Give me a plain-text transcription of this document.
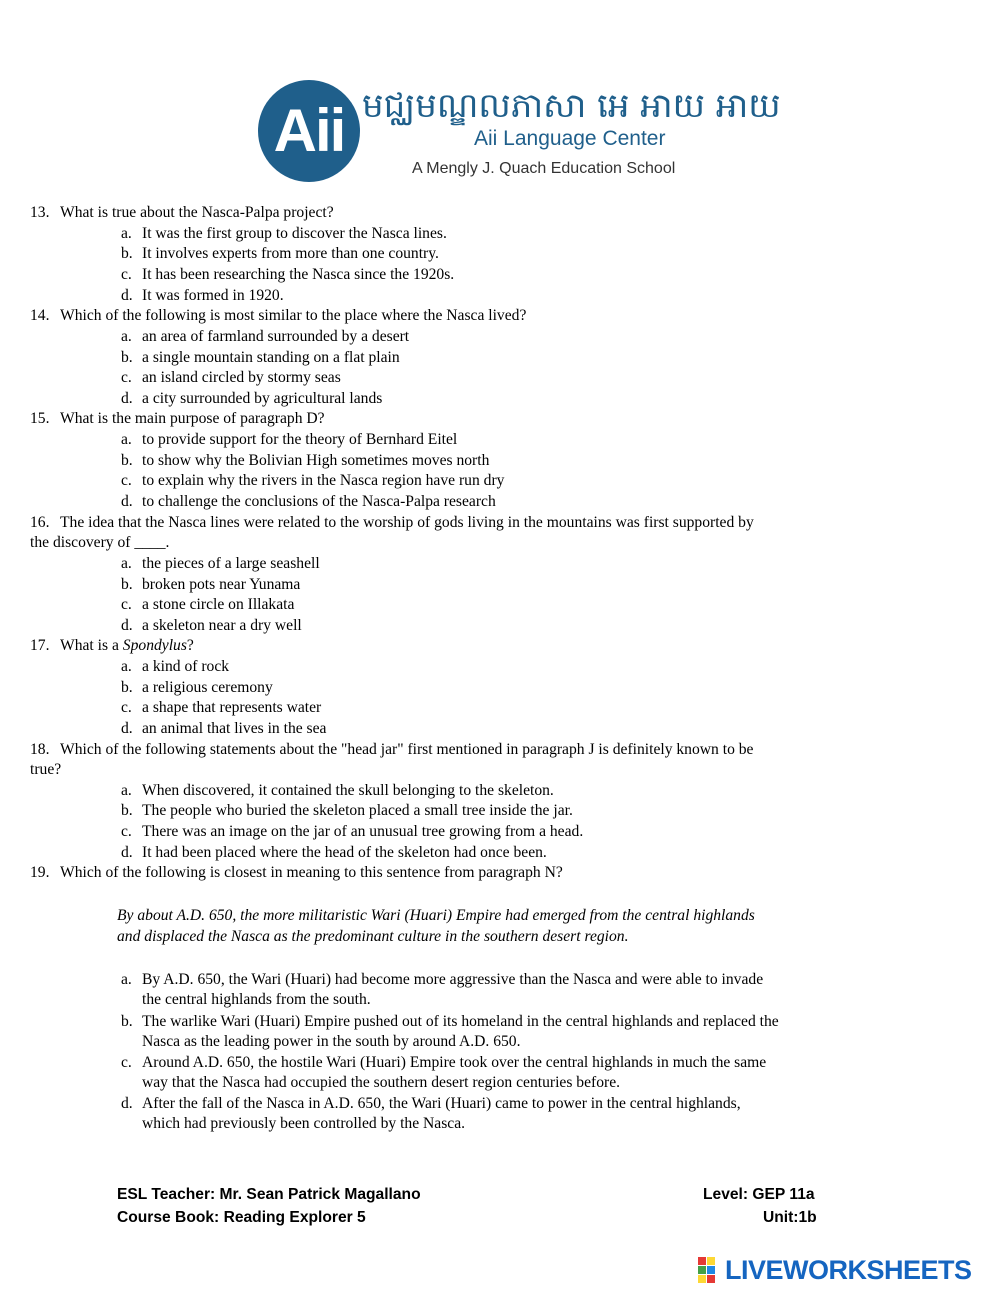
Aii មជ្ឈមណ្ឌលភាសា អេ អាយ អាយ
Aii Language Center
A Mengly J. Quach Education School
13. What is true about the Nasca-Palpa project?
a. It was the first group to discover the Nasca lines.
b. It involves experts from more than one country.
c. It has been researching the Nasca since the 1920s.
d. It was formed in 1920.
14. Which of the following is most similar to the place where the Nasca lived?
a. an area of farmland surrounded by a desert
b. a single mountain standing on a flat plain
c. an island circled by stormy seas
d. a city surrounded by agricultural lands
15. What is the main purpose of paragraph D?
a. to provide support for the theory of Bernhard Eitel
b. to show why the Bolivian High sometimes moves north
c. to explain why the rivers in the Nasca region have run dry
d. to challenge the conclusions of the Nasca-Palpa research
16. The idea that the Nasca lines were related to the worship of gods living in the mountains was first supported by
the discovery of ____.
a. the pieces of a large seashell
b. broken pots near Yunama
c. a stone circle on Illakata
d. a skeleton near a dry well
17. What is a Spondylus?
a. a kind of rock
b. a religious ceremony
c. a shape that represents water
d. an animal that lives in the sea
18. Which of the following statements about the "head jar" first mentioned in paragraph J is definitely known to be
true?
a. When discovered, it contained the skull belonging to the skeleton.
b. The people who buried the skeleton placed a small tree inside the jar.
c. There was an image on the jar of an unusual tree growing from a head.
d. It had been placed where the head of the skeleton had once been.
19. Which of the following is closest in meaning to this sentence from paragraph N?
By about A.D. 650, the more militaristic Wari (Huari) Empire had emerged from the central highlands
and displaced the Nasca as the predominant culture in the southern desert region.
a. By A.D. 650, the Wari (Huari) had become more aggressive than the Nasca and were able to invade
the central highlands from the south.
b. The warlike Wari (Huari) Empire pushed out of its homeland in the central highlands and replaced the
Nasca as the leading power in the south by around A.D. 650.
c. Around A.D. 650, the hostile Wari (Huari) Empire took over the central highlands in much the same
way that the Nasca had occupied the southern desert region centuries before.
d. After the fall of the Nasca in A.D. 650, the Wari (Huari) came to power in the central highlands,
which had previously been controlled by the Nasca.
ESL Teacher: Mr. Sean Patrick Magallano	Level: GEP 11a
Course Book: Reading Explorer 5	Unit:1b
LIVEWORKSHEETS
